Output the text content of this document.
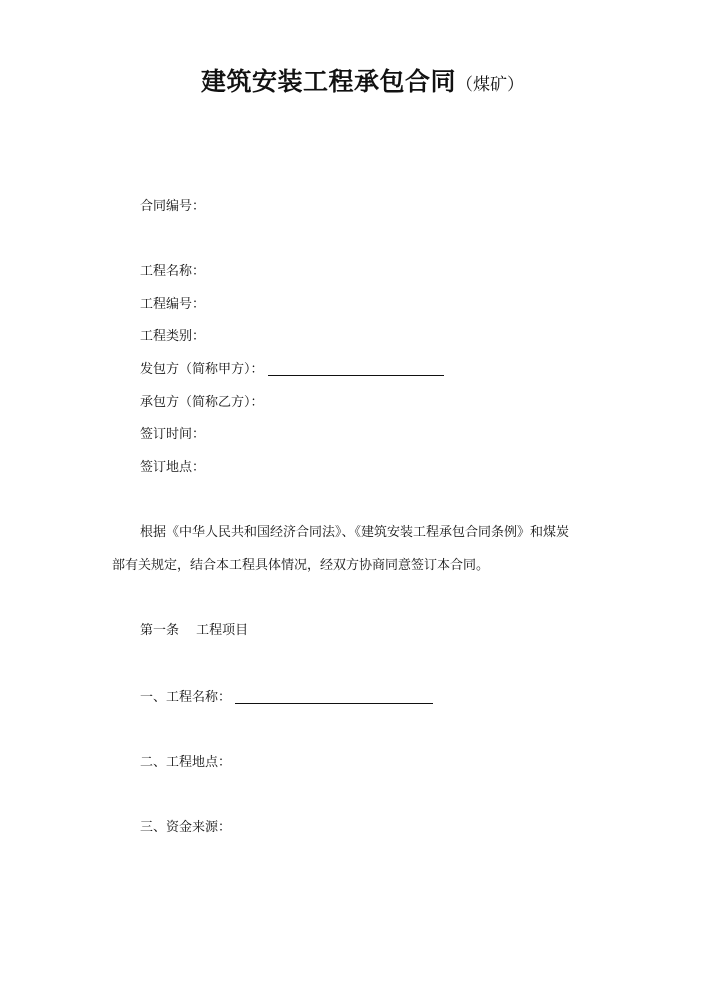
建筑安装工程承包合同（煤矿）
合同编号：
工程名称：
工程编号：
工程类别：
发包方（简称甲方）：
承包方（简称乙方）：
签订时间：
签订地点：
根据《中华人民共和国经济合同法》、《建筑安装工程承包合同条例》和煤炭
部有关规定，结合本工程具体情况，经双方协商同意签订本合同。
第一条　 工程项目
一、工程名称：
二、工程地点：
三、资金来源：
